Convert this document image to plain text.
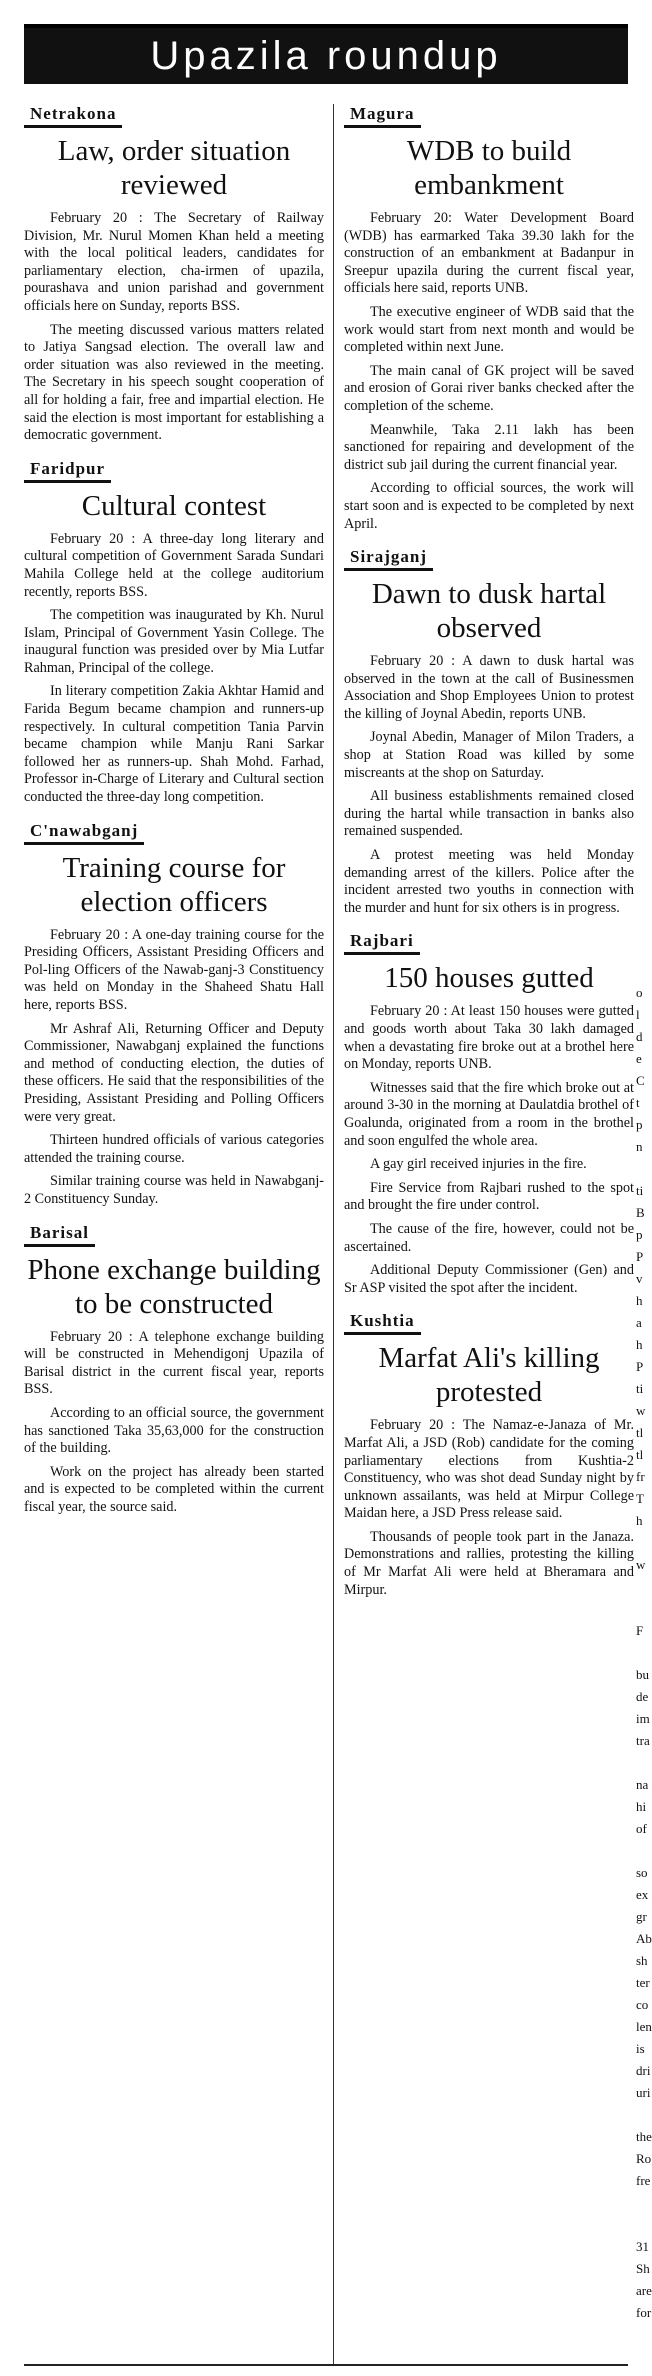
Upazila roundup
Netrakona
Law, order situation reviewed

February 20 : The Secretary of Railway Division, Mr. Nurul Momen Khan held a meeting with the local political leaders, candidates for parliamentary election, cha-irmen of upazila, pourashava and union parishad and government officials here on Sunday, reports BSS.

The meeting discussed various matters related to Jatiya Sangsad election. The overall law and order situation was also reviewed in the meeting. The Secretary in his speech sought cooperation of all for holding a fair, free and impartial election. He said the election is most important for establishing a democratic government.

Faridpur
Cultural contest

February 20 : A three-day long literary and cultural competition of Government Sarada Sundari Mahila College held at the college auditorium recently, reports BSS.

The competition was inaugurated by Kh. Nurul Islam, Principal of Government Yasin College. The inaugural function was presided over by Mia Lutfar Rahman, Principal of the college.

In literary competition Zakia Akhtar Hamid and Farida Begum became champion and runners-up respectively. In cultural competition Tania Parvin became champion while Manju Rani Sarkar followed her as runners-up. Shah Mohd. Farhad, Professor in-Charge of Literary and Cultural section conducted the three-day long competition.

C'nawabganj
Training course for election officers

February 20 : A one-day training course for the Presiding Officers, Assistant Presiding Officers and Pol-ling Officers of the Nawab-ganj-3 Constituency was held on Monday in the Shaheed Shatu Hall here, reports BSS.

Mr Ashraf Ali, Returning Officer and Deputy Commissioner, Nawabganj explained the functions and method of conducting election, the duties of these officers. He said that the responsibilities of the Presiding, Assistant Presiding and Polling Officers were very great.

Thirteen hundred officials of various categories attended the training course.

Similar training course was held in Nawabganj-2 Constituency Sunday.

Barisal
Phone exchange building to be constructed

February 20 : A telephone exchange building will be constructed in Mehendigonj Upazila of Barisal district in the current fiscal year, reports BSS.

According to an official source, the government has sanctioned Taka 35,63,000 for the construction of the building.

Work on the project has already been started and is expected to be completed within the current fiscal year, the source said.

Magura
WDB to build embankment

February 20: Water Development Board (WDB) has earmarked Taka 39.30 lakh for the construction of an embankment at Badanpur in Sreepur upazila during the current fiscal year, officials here said, reports UNB.

The executive engineer of WDB said that the work would start from next month and would be completed within next June.

The main canal of GK project will be saved and erosion of Gorai river banks checked after the completion of the scheme.

Meanwhile, Taka 2.11 lakh has been sanctioned for repairing and development of the district sub jail during the current financial year.

According to official sources, the work will start soon and is expected to be completed by next April.

Sirajganj
Dawn to dusk hartal observed

February 20 : A dawn to dusk hartal was observed in the town at the call of Businessmen Association and Shop Employees Union to protest the killing of Joynal Abedin, reports UNB.

Joynal Abedin, Manager of Milon Traders, a shop at Station Road was killed by some miscreants at the shop on Saturday.

All business establishments remained closed during the hartal while transaction in banks also remained suspended.

A protest meeting was held Monday demanding arrest of the killers. Police after the incident arrested two youths in connection with the murder and hunt for six others is in progress.

Rajbari
150 houses gutted

February 20 : At least 150 houses were gutted and goods worth about Taka 30 lakh damaged when a devastating fire broke out at a brothel here on Monday, reports UNB.

Witnesses said that the fire which broke out at around 3-30 in the morning at Daulatdia brothel of Goalunda, originated from a room in the brothel and soon engulfed the whole area.

A gay girl received injuries in the fire.

Fire Service from Rajbari rushed to the spot and brought the fire under control.

The cause of the fire, however, could not be ascertained.

Additional Deputy Commissioner (Gen) and Sr ASP visited the spot after the incident.

Kushtia
Marfat Ali's killing protested

February 20 : The Namaz-e-Janaza of Mr. Marfat Ali, a JSD (Rob) candidate for the coming parliamentary elections from Kushtia-2 Constituency, who was shot dead Sunday night by unknown assailants, was held at Mirpur College Maidan here, a JSD Press release said.

Thousands of people took part in the Janaza. Demonstrations and rallies, protesting the killing of Mr Marfat Ali were held at Bheramara and Mirpur.

o
l
d
e
C
t
p
n
ti
B
p
P
v
h
a
h
P
ti
w
tl
tl
fr
T
h
w
F
bu
de
im
tra
na
hi
of
so
ex
gr
Ab
sh
ter
co
len
is
dri
uri
the
Ro
fre
31
Sh
are
for
